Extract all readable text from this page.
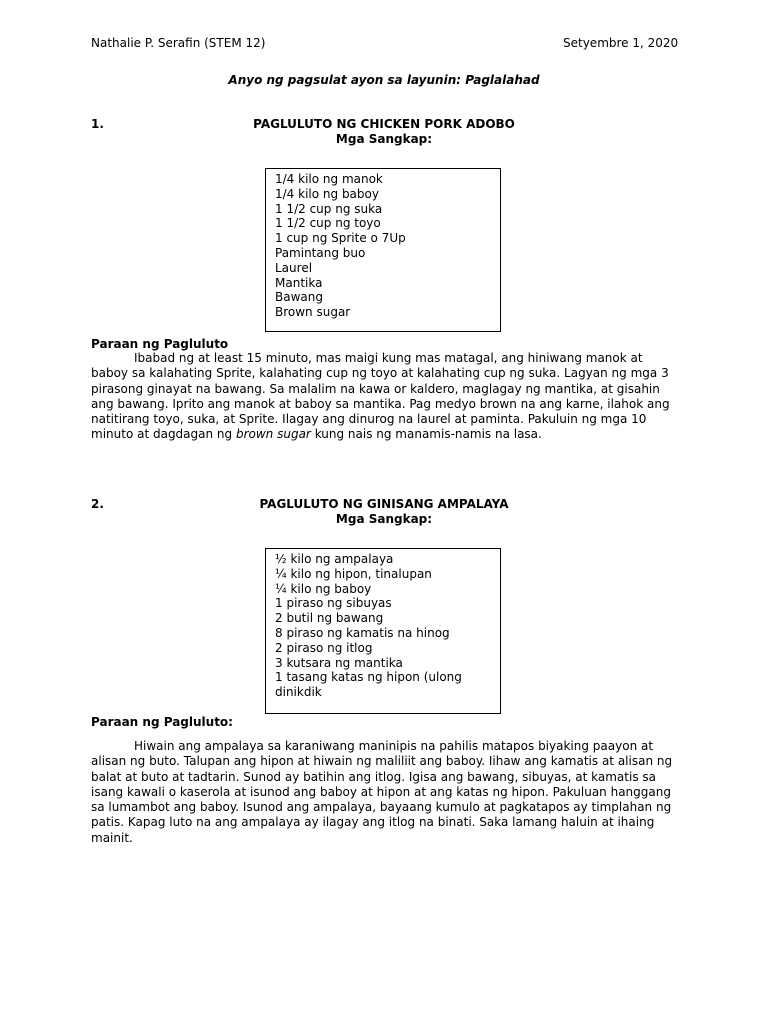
Nathalie P. Serafin (STEM 12)	Setyembre 1, 2020
Anyo ng pagsulat ayon sa layunin: Paglalahad
1.	PAGLULUTO NG CHICKEN PORK ADOBO
Mga Sangkap:
1/4 kilo ng manok
1/4 kilo ng baboy
1 1/2 cup ng suka
1 1/2 cup ng toyo
1 cup ng Sprite o 7Up
Pamintang buo
Laurel
Mantika
Bawang
Brown sugar
Paraan ng Pagluluto
Ibabad ng at least 15 minuto, mas maigi kung mas matagal, ang hiniwang manok at baboy sa kalahating Sprite, kalahating cup ng toyo at kalahating cup ng suka. Lagyan ng mga 3 pirasong ginayat na bawang. Sa malalim na kawa or kaldero, maglagay ng mantika, at gisahin ang bawang. Iprito ang manok at baboy sa mantika. Pag medyo brown na ang karne, ilahok ang natitirang toyo, suka, at Sprite. Ilagay ang dinurog na laurel at paminta. Pakuluin ng mga 10 minuto at dagdagan ng brown sugar kung nais ng manamis-namis na lasa.
2.	PAGLULUTO NG GINISANG AMPALAYA
Mga Sangkap:
½ kilo ng ampalaya
¼ kilo ng hipon, tinalupan
¼ kilo ng baboy
1 piraso ng sibuyas
2 butil ng bawang
8 piraso ng kamatis na hinog
2 piraso ng itlog
3 kutsara ng mantika
1 tasang katas ng hipon (ulong
dinikdik
Paraan ng Pagluluto:
Hiwain ang ampalaya sa karaniwang maninipis na pahilis matapos biyaking paayon at alisan ng buto. Talupan ang hipon at hiwain ng maliliit ang baboy. Iihaw ang kamatis at alisan ng balat at buto at tadtarin. Sunod ay batihin ang itlog. Igisa ang bawang, sibuyas, at kamatis sa isang kawali o kaserola at isunod ang baboy at hipon at ang katas ng hipon. Pakuluan hanggang sa lumambot ang baboy. Isunod ang ampalaya, bayaang kumulo at pagkatapos ay timplahan ng patis. Kapag luto na ang ampalaya ay ilagay ang itlog na binati. Saka lamang haluin at ihaing mainit.
